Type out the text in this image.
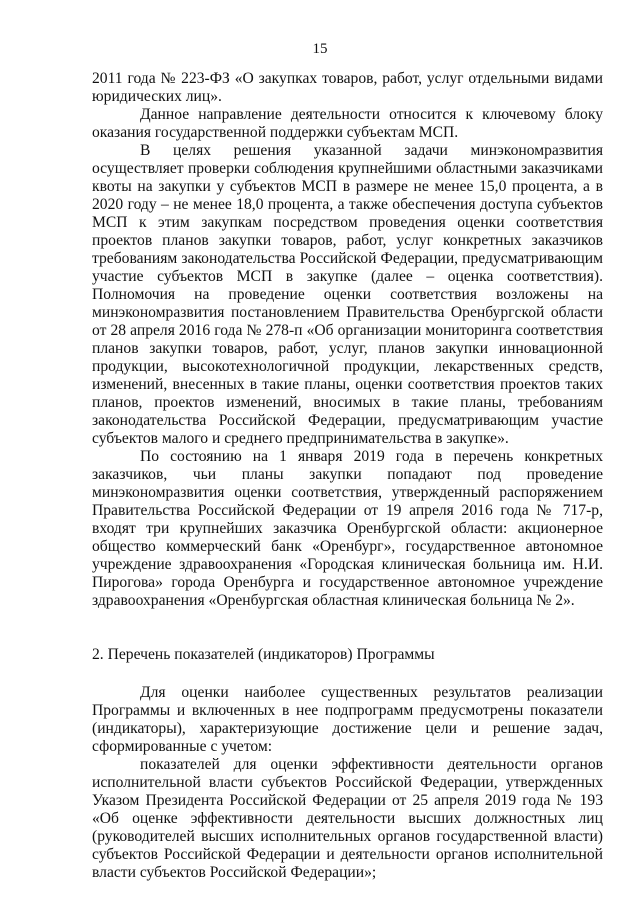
15

2011 года № 223-ФЗ «О закупках товаров, работ, услуг отдельными видами юридических лиц».

Данное направление деятельности относится к ключевому блоку оказания государственной поддержки субъектам МСП.

В целях решения указанной задачи минэкономразвития осуществляет проверки соблюдения крупнейшими областными заказчиками квоты на закупки у субъектов МСП в размере не менее 15,0 процента, а в 2020 году – не менее 18,0 процента, а также обеспечения доступа субъектов МСП к этим закупкам посредством проведения оценки соответствия проектов планов закупки товаров, работ, услуг конкретных заказчиков требованиям законодательства Российской Федерации, предусматривающим участие субъектов МСП в закупке (далее – оценка соответствия). Полномочия на проведение оценки соответствия возложены на минэкономразвития постановлением Правительства Оренбургской области от 28 апреля 2016 года № 278-п «Об организации мониторинга соответствия планов закупки товаров, работ, услуг, планов закупки инновационной продукции, высокотехнологичной продукции, лекарственных средств, изменений, внесенных в такие планы, оценки соответствия проектов таких планов, проектов изменений, вносимых в такие планы, требованиям законодательства Российской Федерации, предусматривающим участие субъектов малого и среднего предпринимательства в закупке».

По состоянию на 1 января 2019 года в перечень конкретных заказчиков, чьи планы закупки попадают под проведение минэкономразвития оценки соответствия, утвержденный распоряжением Правительства Российской Федерации от 19 апреля 2016 года № 717-р, входят три крупнейших заказчика Оренбургской области: акционерное общество коммерческий банк «Оренбург», государственное автономное учреждение здравоохранения «Городская клиническая больница им. Н.И. Пирогова» города Оренбурга и государственное автономное учреждение здравоохранения «Оренбургская областная клиническая больница № 2».

2. Перечень показателей (индикаторов) Программы

Для оценки наиболее существенных результатов реализации Программы и включенных в нее подпрограмм предусмотрены показатели (индикаторы), характеризующие достижение цели и решение задач, сформированные с учетом:

показателей для оценки эффективности деятельности органов исполнительной власти субъектов Российской Федерации, утвержденных Указом Президента Российской Федерации от 25 апреля 2019 года № 193 «Об оценке эффективности деятельности высших должностных лиц (руководителей высших исполнительных органов государственной власти) субъектов Российской Федерации и деятельности органов исполнительной власти субъектов Российской Федерации»;
